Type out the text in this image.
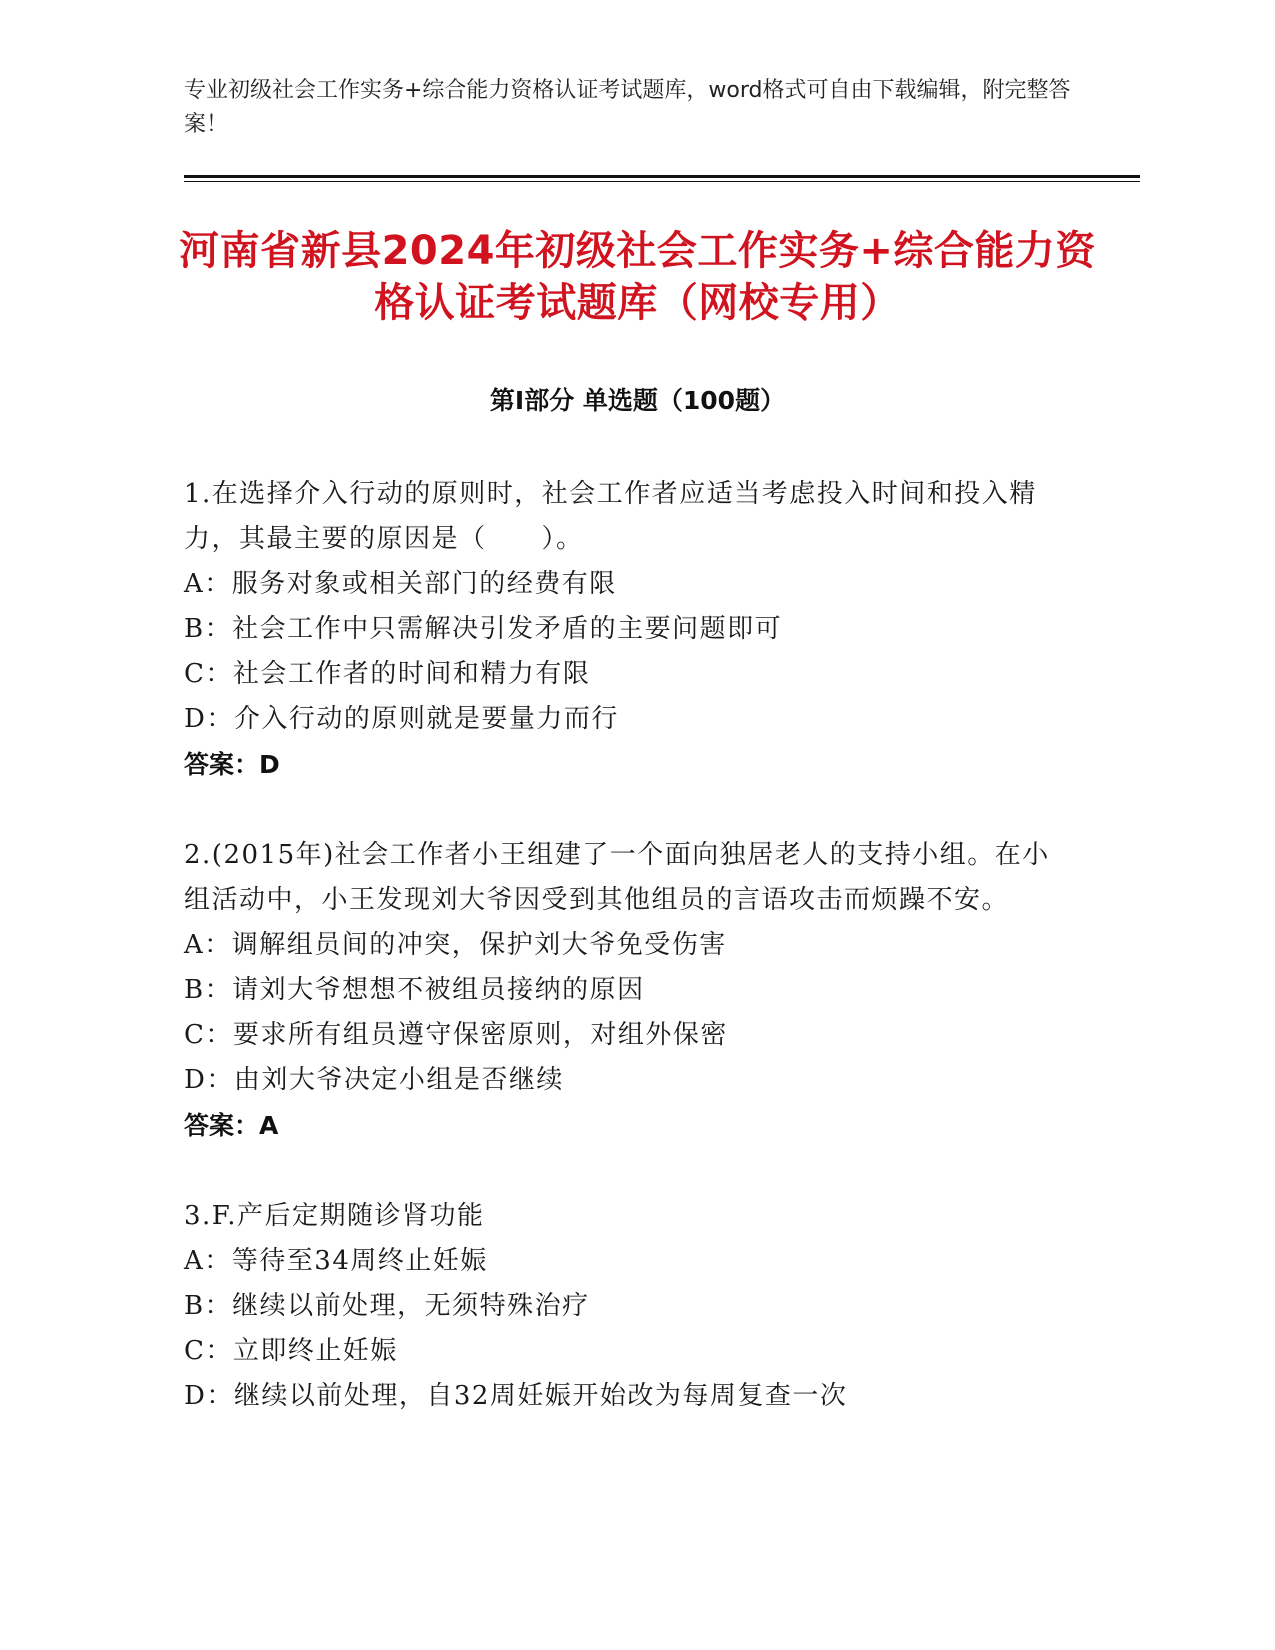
专业初级社会工作实务+综合能力资格认证考试题库，word格式可自由下载编辑，附完整答案！
河南省新县2024年初级社会工作实务+综合能力资格认证考试题库（网校专用）
第Ⅰ部分 单选题（100题）
1.在选择介入行动的原则时，社会工作者应适当考虑投入时间和投入精力，其最主要的原因是（　　）。
A：服务对象或相关部门的经费有限
B：社会工作中只需解决引发矛盾的主要问题即可
C：社会工作者的时间和精力有限
D：介入行动的原则就是要量力而行
答案：D
2.(2015年)社会工作者小王组建了一个面向独居老人的支持小组。在小组活动中，小王发现刘大爷因受到其他组员的言语攻击而烦躁不安。
A：调解组员间的冲突，保护刘大爷免受伤害
B：请刘大爷想想不被组员接纳的原因
C：要求所有组员遵守保密原则，对组外保密
D：由刘大爷决定小组是否继续
答案：A
3.F.产后定期随诊肾功能
A：等待至34周终止妊娠
B：继续以前处理，无须特殊治疗
C：立即终止妊娠
D：继续以前处理，自32周妊娠开始改为每周复查一次
